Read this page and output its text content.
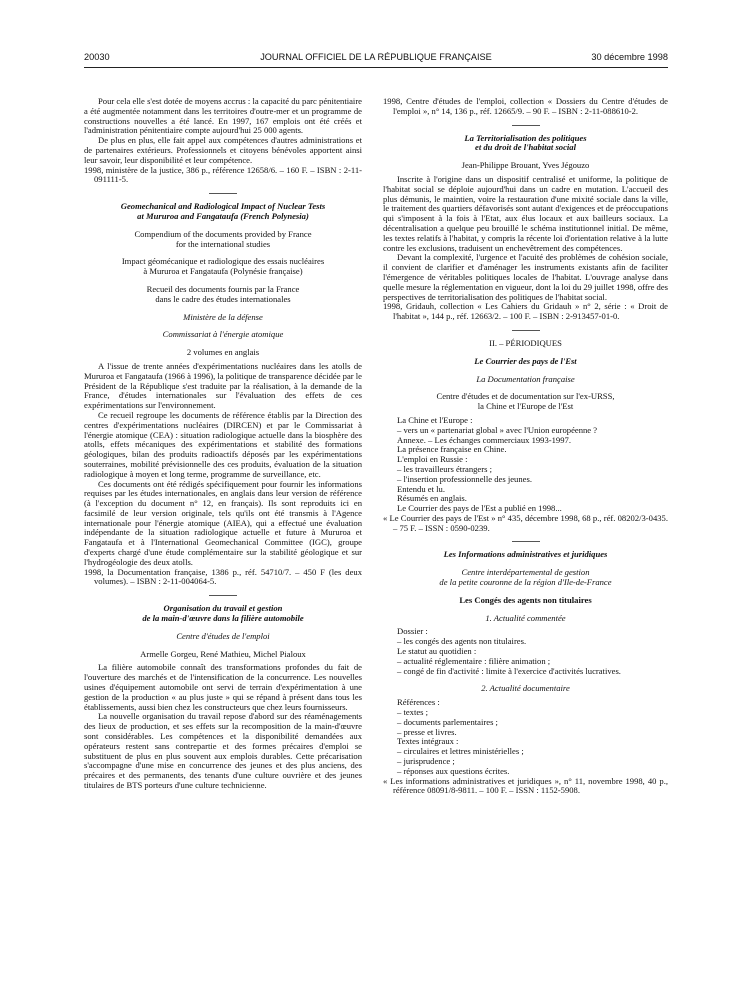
20030	JOURNAL OFFICIEL DE LA RÉPUBLIQUE FRANÇAISE	30 décembre 1998

Pour cela elle s'est dotée de moyens accrus : la capacité du parc pénitentiaire a été augmentée notamment dans les territoires d'outre-mer et un programme de constructions nouvelles a été lancé. En 1997, 167 emplois ont été créés et l'administration pénitentiaire compte aujourd'hui 25 000 agents.

De plus en plus, elle fait appel aux compétences d'autres administrations et de partenaires extérieurs. Professionnels et citoyens bénévoles apportent ainsi leur savoir, leur disponibilité et leur compétence.

1998, ministère de la justice, 386 p., référence 12658/6. – 160 F. – ISBN : 2-11-091111-5.

Geomechanical and Radiological Impact of Nuclear Tests

at Mururoa and Fangataufa (French Polynesia)

Compendium of the documents provided by France

for the international studies

Impact géomécanique et radiologique des essais nucléaires

à Mururoa et Fangataufa (Polynésie française)

Recueil des documents fournis par la France

dans le cadre des études internationales

Ministère de la défense

Commissariat à l'énergie atomique

2 volumes en anglais

A l'issue de trente années d'expérimentations nucléaires dans les atolls de Mururoa et Fangataufa (1966 à 1996), la politique de transparence décidée par le Président de la République s'est traduite par la réalisation, à la demande de la France, d'études internationales sur l'évaluation des effets de ces expérimentations sur l'environnement.

Ce recueil regroupe les documents de référence établis par la Direction des centres d'expérimentations nucléaires (DIRCEN) et par le Commissariat à l'énergie atomique (CEA) : situation radiologique actuelle dans la biosphère des atolls, effets mécaniques des expérimentations et stabilité des formations géologiques, bilan des produits radioactifs déposés par les expérimentations souterraines, mobilité prévisionnelle des ces produits, évaluation de la situation radiologique à moyen et long terme, programme de surveillance, etc.

Ces documents ont été rédigés spécifiquement pour fournir les informations requises par les études internationales, en anglais dans leur version de référence (à l'exception du document n° 12, en français). Ils sont reproduits ici en facsimilé de leur version originale, tels qu'ils ont été transmis à l'Agence internationale pour l'énergie atomique (AIEA), qui a effectué une évaluation indépendante de la situation radiologique actuelle et future à Mururoa et Fangataufa et à l'International Geomechanical Committee (IGC), groupe d'experts chargé d'une étude complémentaire sur la stabilité géologique et sur l'hydrogéologie des deux atolls.

1998, la Documentation française, 1386 p., réf. 54710/7. – 450 F (les deux volumes). – ISBN : 2-11-004064-5.

Organisation du travail et gestion

de la main-d'œuvre dans la filière automobile

Centre d'études de l'emploi

Armelle Gorgeu, René Mathieu, Michel Pialoux

La filière automobile connaît des transformations profondes du fait de l'ouverture des marchés et de l'intensification de la concurrence. Les nouvelles usines d'équipement automobile ont servi de terrain d'expérimentation à une gestion de la production « au plus juste » qui se répand à présent dans tous les établissements, aussi bien chez les constructeurs que chez leurs fournisseurs.

La nouvelle organisation du travail repose d'abord sur des réaménagements des lieux de production, et ses effets sur la recomposition de la main-d'œuvre sont considérables. Les compétences et la disponibilité demandées aux opérateurs restent sans contrepartie et des formes précaires d'emploi se substituent de plus en plus souvent aux emplois durables. Cette précarisation s'accompagne d'une mise en concurrence des jeunes et des plus anciens, des précaires et des permanents, des tenants d'une culture ouvrière et des jeunes titulaires de BTS porteurs d'une culture technicienne.

1998, Centre d'études de l'emploi, collection « Dossiers du Centre d'études de l'emploi », n° 14, 136 p., réf. 12665/9. – 90 F. – ISBN : 2-11-088610-2.

La Territorialisation des politiques

et du droit de l'habitat social

Jean-Philippe Brouant, Yves Jégouzo

Inscrite à l'origine dans un dispositif centralisé et uniforme, la politique de l'habitat social se déploie aujourd'hui dans un cadre en mutation. L'accueil des plus démunis, le maintien, voire la restauration d'une mixité sociale dans la ville, le traitement des quartiers défavorisés sont autant d'exigences et de préoccupations qui s'imposent à la fois à l'Etat, aux élus locaux et aux bailleurs sociaux. La décentralisation a quelque peu brouillé le schéma institutionnel initial. De même, les textes relatifs à l'habitat, y compris la récente loi d'orientation relative à la lutte contre les exclusions, traduisent un enchevêtrement des compétences.

Devant la complexité, l'urgence et l'acuité des problèmes de cohésion sociale, il convient de clarifier et d'aménager les instruments existants afin de faciliter l'émergence de véritables politiques locales de l'habitat. L'ouvrage analyse dans quelle mesure la réglementation en vigueur, dont la loi du 29 juillet 1998, offre des perspectives de territorialisation des politiques de l'habitat social.

1998, Gridauh, collection « Les Cahiers du Gridauh » n° 2, série : « Droit de l'habitat », 144 p., réf. 12663/2. – 100 F. – ISBN : 2-913457-01-0.

II. – PÉRIODIQUES

Le Courrier des pays de l'Est

La Documentation française

Centre d'études et de documentation sur l'ex-URSS,

la Chine et l'Europe de l'Est

La Chine et l'Europe :

– vers un « partenariat global » avec l'Union européenne ?

Annexe. – Les échanges commerciaux 1993-1997.

La présence française en Chine.

L'emploi en Russie :

– les travailleurs étrangers ;

– l'insertion professionnelle des jeunes.

Entendu et lu.

Résumés en anglais.

Le Courrier des pays de l'Est a publié en 1998...

« Le Courrier des pays de l'Est » n° 435, décembre 1998, 68 p., réf. 08202/3-0435. – 75 F. – ISSN : 0590-0239.

Les Informations administratives et juridiques

Centre interdépartemental de gestion

de la petite couronne de la région d'Ile-de-France

Les Congés des agents non titulaires

1. Actualité commentée

Dossier :

– les congés des agents non titulaires.

Le statut au quotidien :

– actualité réglementaire : filière animation ;

– congé de fin d'activité : limite à l'exercice d'activités lucratives.

2. Actualité documentaire

Références :

– textes ;

– documents parlementaires ;

– presse et livres.

Textes intégraux :

– circulaires et lettres ministérielles ;

– jurisprudence ;

– réponses aux questions écrites.

« Les informations administratives et juridiques », n° 11, novembre 1998, 40 p., référence 08091/8-9811. – 100 F. – ISSN : 1152-5908.
